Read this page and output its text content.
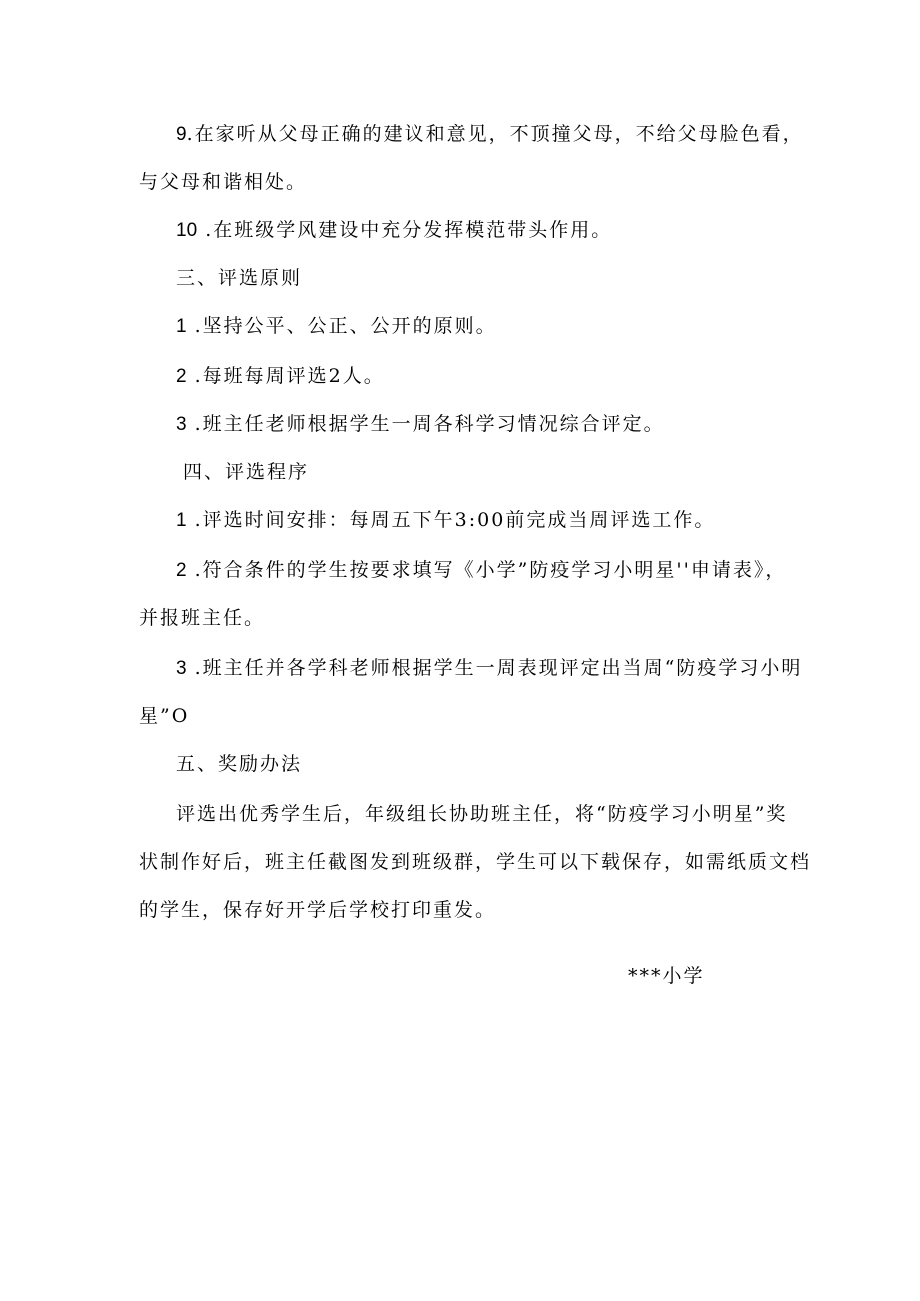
9.在家听从父母正确的建议和意见，不顶撞父母，不给父母脸色看，
与父母和谐相处。
10 .在班级学风建设中充分发挥模范带头作用。
三、评选原则
1 .坚持公平、公正、公开的原则。
2 .每班每周评选2人。
3 .班主任老师根据学生一周各科学习情况综合评定。
四、评选程序
1 .评选时间安排：每周五下午3:00前完成当周评选工作。
2 .符合条件的学生按要求填写《小学”防疫学习小明星''申请表》，
并报班主任。
3 .班主任并各学科老师根据学生一周表现评定出当周“防疫学习小明
星”O
五、奖励办法
评选出优秀学生后，年级组长协助班主任，将“防疫学习小明星”奖
状制作好后，班主任截图发到班级群，学生可以下载保存，如需纸质文档
的学生，保存好开学后学校打印重发。
***小学
